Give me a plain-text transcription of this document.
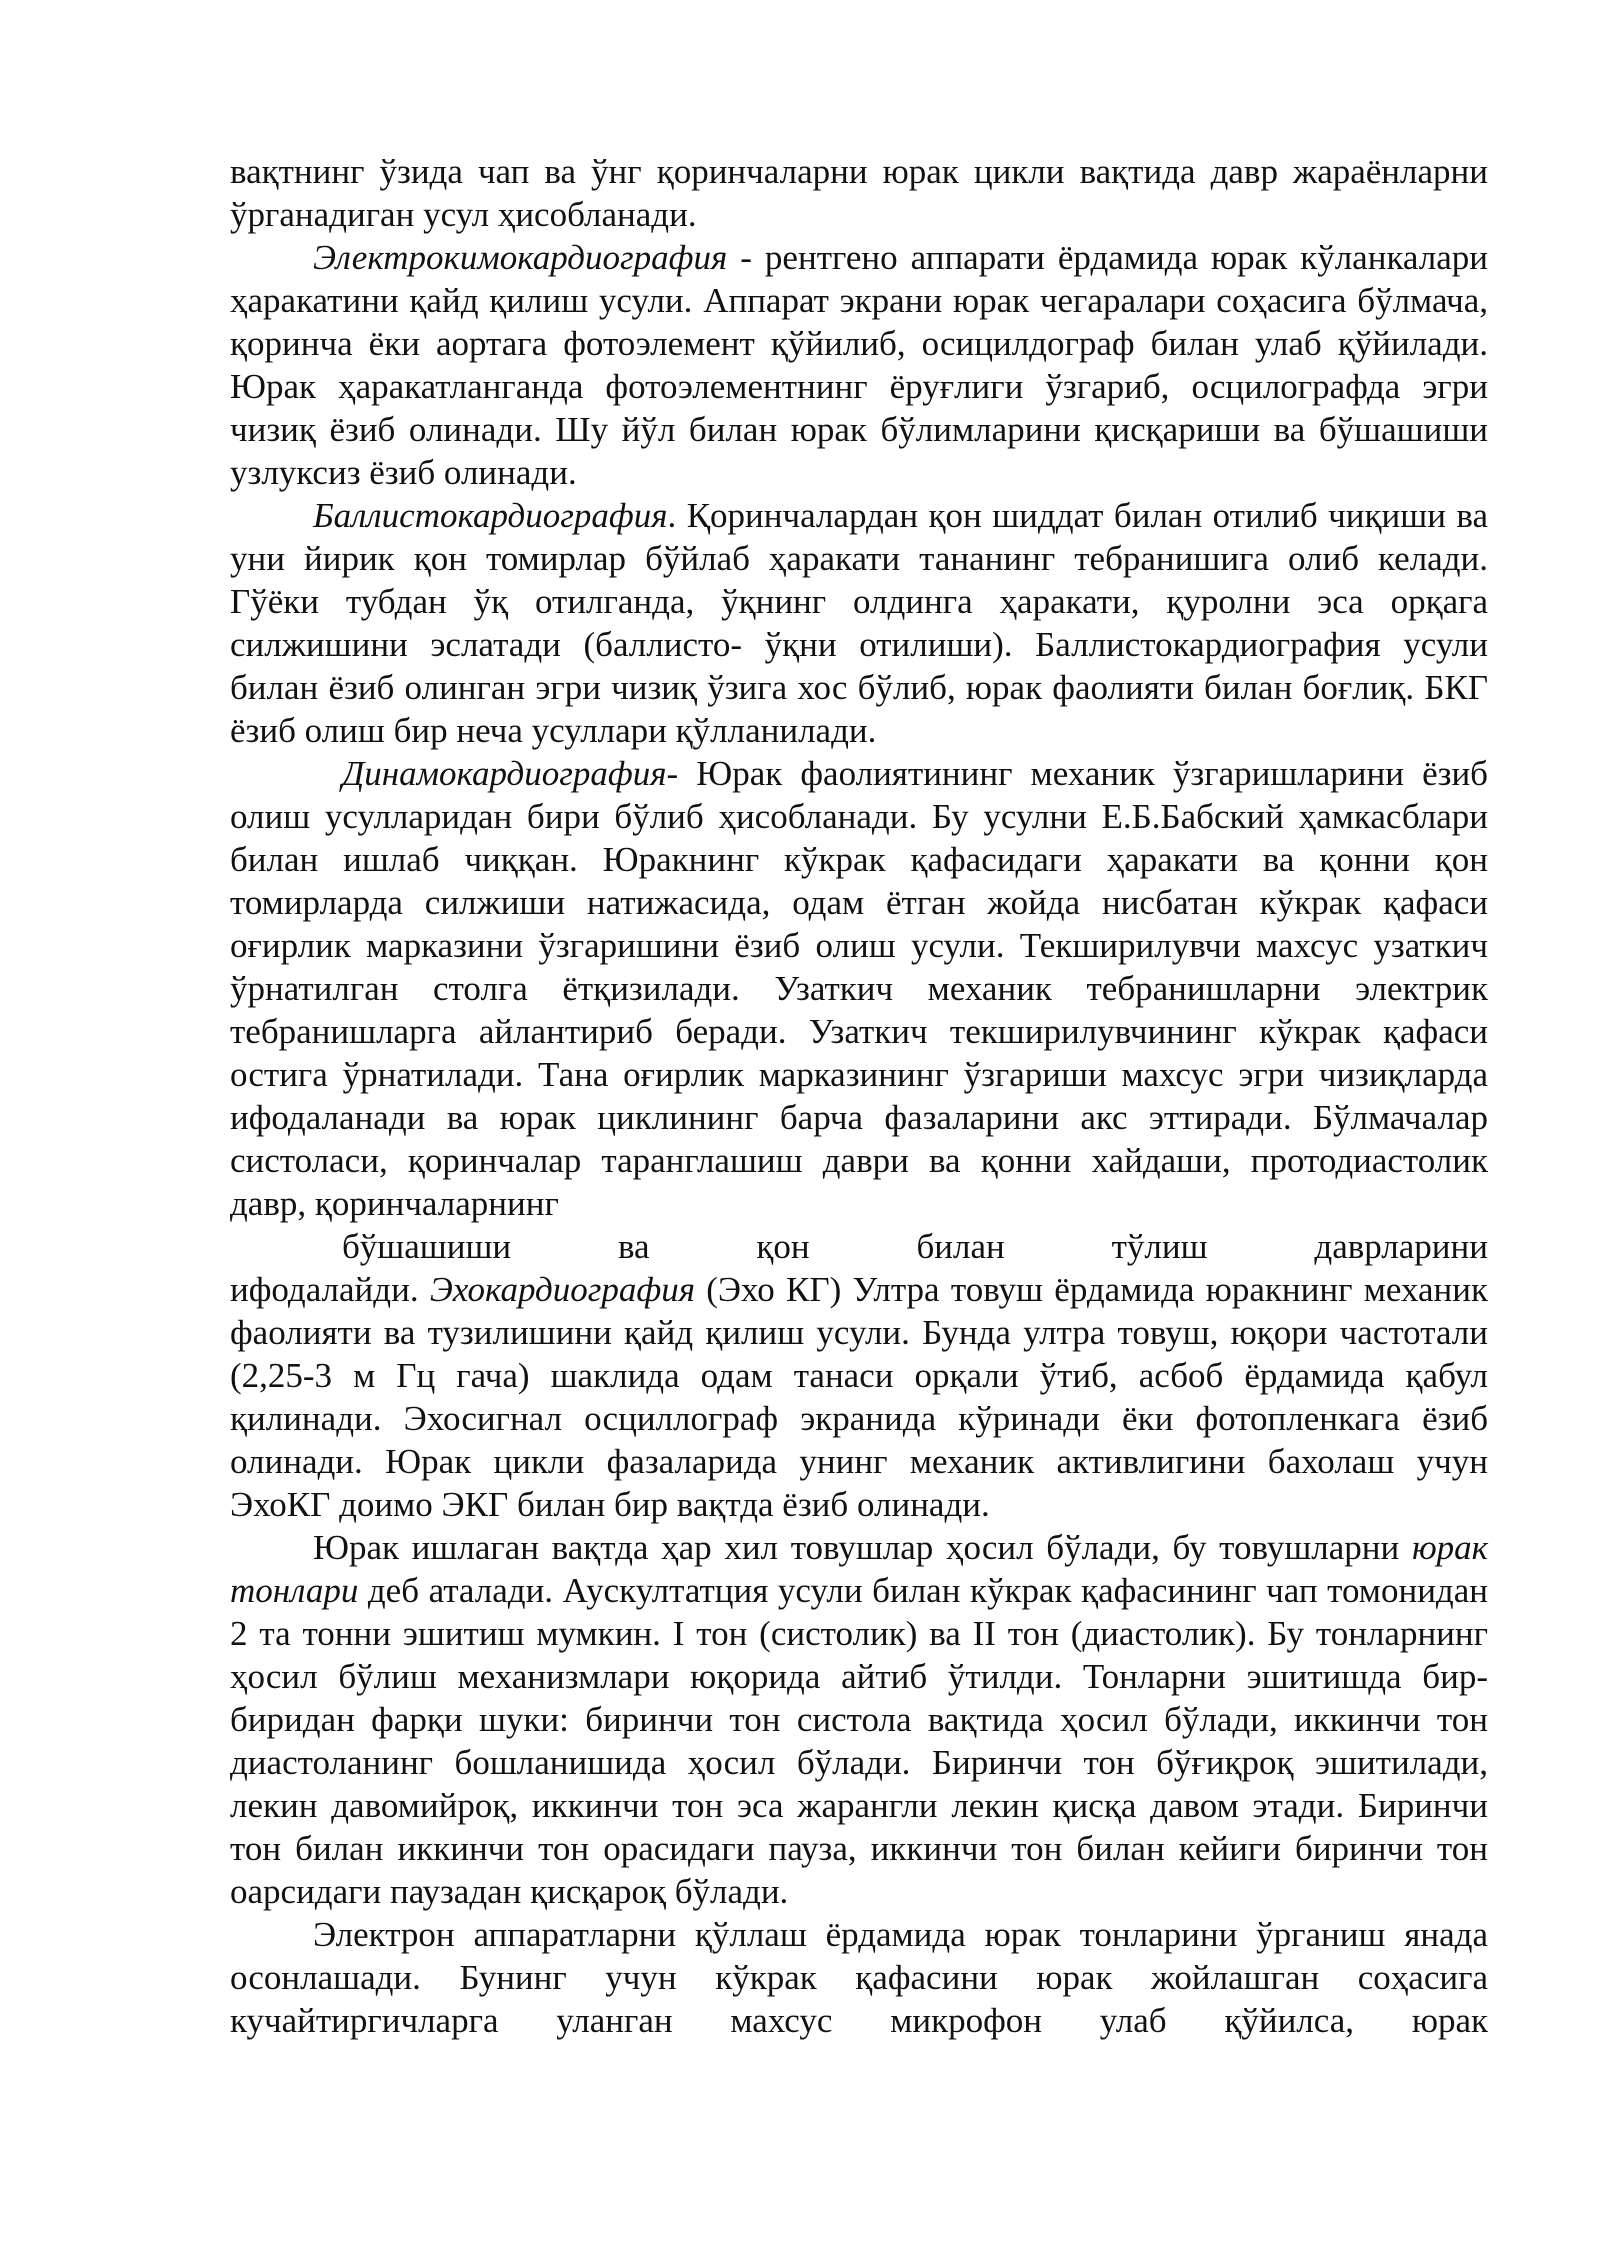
вақтнинг ўзида чап ва ўнг қоринчаларни юрак цикли вақтида давр жараёнларни ўрганадиган усул ҳисобланади.

Электрокимокардиография - рентгено аппарати ёрдамида юрак кўланкалари ҳаракатини қайд қилиш усули. Аппарат экрани юрак чегаралари соҳасига бўлмача, қоринча ёки аортага фотоэлемент қўйилиб, осицилдограф билан улаб қўйилади. Юрак ҳаракатланганда фотоэлементнинг ёруғлиги ўзгариб, осцилографда эгри чизиқ ёзиб олинади. Шу йўл билан юрак бўлимларини қисқариши ва бўшашиши узлуксиз ёзиб олинади.

Баллистокардиография. Қоринчалардан қон шиддат билан отилиб чиқиши ва уни йирик қон томирлар бўйлаб ҳаракати тананинг тебранишига олиб келади. Гўёки тубдан ўқ отилганда, ўқнинг олдинга ҳаракати, қуролни эса орқага силжишини эслатади (баллисто- ўқни отилиши). Баллистокардиография усули билан ёзиб олинган эгри чизиқ ўзига хос бўлиб, юрак фаолияти билан боғлиқ. БКГ ёзиб олиш бир неча усуллари қўлланилади.

Динамокардиография- Юрак фаолиятининг механик ўзгаришларини ёзиб олиш усулларидан бири бўлиб ҳисобланади. Бу усулни Е.Б.Бабский ҳамкасблари билан ишлаб чиққан. Юракнинг кўкрак қафасидаги ҳаракати ва қонни қон томирларда силжиши натижасида, одам ётган жойда нисбатан кўкрак қафаси оғирлик марказини ўзгаришини ёзиб олиш усули. Текширилувчи махсус узаткич ўрнатилган столга ётқизилади. Узаткич механик тебранишларни электрик тебранишларга айлантириб беради. Узаткич текширилувчининг кўкрак қафаси остига ўрнатилади. Тана оғирлик марказининг ўзгариши махсус эгри чизиқларда ифодаланади ва юрак циклининг барча фазаларини акс эттиради. Бўлмачалар систоласи, қоринчалар таранглашиш даври ва қонни хайдаши, протодиастолик давр, қоринчаларнинг
бўшашиши ва қон билан тўлиш даврларини
ифодалайди. Эхокардиография (Эхо КГ) Ултра товуш ёрдамида юракнинг механик фаолияти ва тузилишини қайд қилиш усули. Бунда ултра товуш, юқори частотали (2,25-3 м Гц гача) шаклида одам танаси орқали ўтиб, асбоб ёрдамида қабул қилинади. Эхосигнал осциллограф экранида кўринади ёки фотопленкага ёзиб олинади. Юрак цикли фазаларида унинг механик активлигини бахолаш учун ЭхоКГ доимо ЭКГ билан бир вақтда ёзиб олинади.

Юрак ишлаган вақтда ҳар хил товушлар ҳосил бўлади, бу товушларни юрак тонлари деб аталади. Аускултатция усули билан кўкрак қафасининг чап томонидан 2 та тонни эшитиш мумкин. I тон (систолик) ва II тон (диастолик). Бу тонларнинг ҳосил бўлиш механизмлари юқорида айтиб ўтилди. Тонларни эшитишда бир- биридан фарқи шуки: биринчи тон систола вақтида ҳосил бўлади, иккинчи тон диастоланинг бошланишида ҳосил бўлади. Биринчи тон бўғиқроқ эшитилади, лекин давомийроқ, иккинчи тон эса жарангли лекин қисқа давом этади. Биринчи тон билан иккинчи тон орасидаги пауза, иккинчи тон билан кейиги биринчи тон оарсидаги паузадан қисқароқ бўлади.

Электрон аппаратларни қўллаш ёрдамида юрак тонларини ўрганиш янада осонлашади. Бунинг учун кўкрак қафасини юрак жойлашган соҳасига кучайтиргичларга уланган махсус микрофон улаб қўйилса, юрак
